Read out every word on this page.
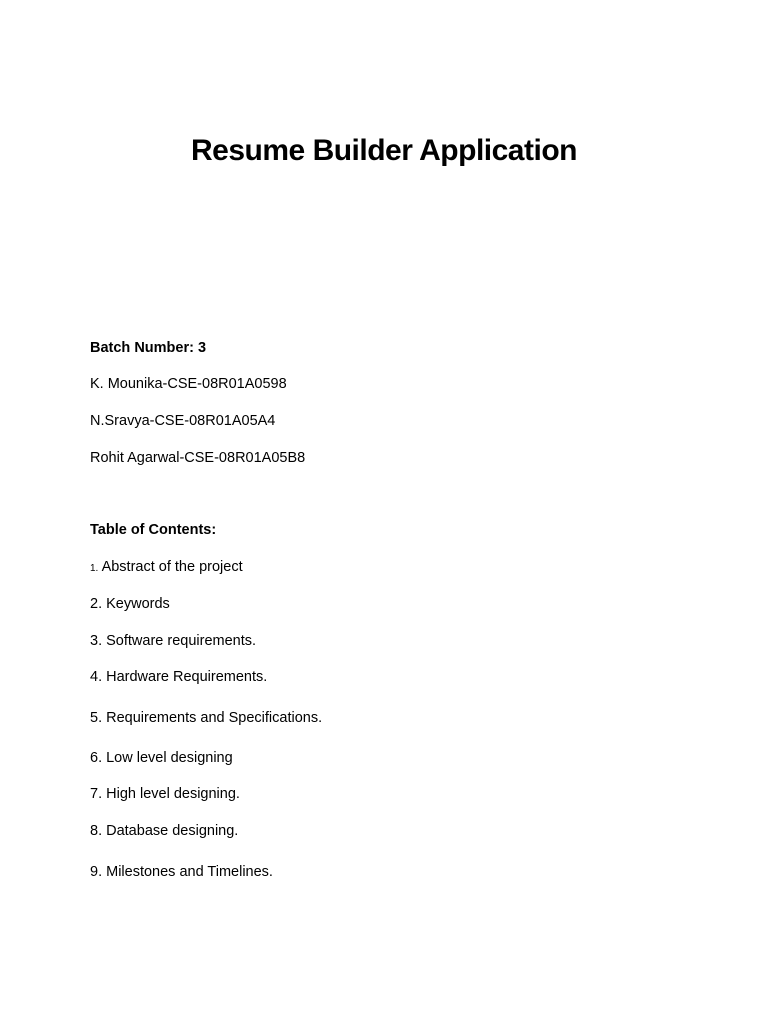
Resume Builder Application
Batch Number: 3
K. Mounika-CSE-08R01A0598
N.Sravya-CSE-08R01A05A4
Rohit Agarwal-CSE-08R01A05B8
Table of Contents:
1. Abstract of the project
2. Keywords
3. Software requirements.
4. Hardware Requirements.
5. Requirements and Specifications.
6. Low level designing
7. High level designing.
8. Database designing.
9. Milestones and Timelines.
